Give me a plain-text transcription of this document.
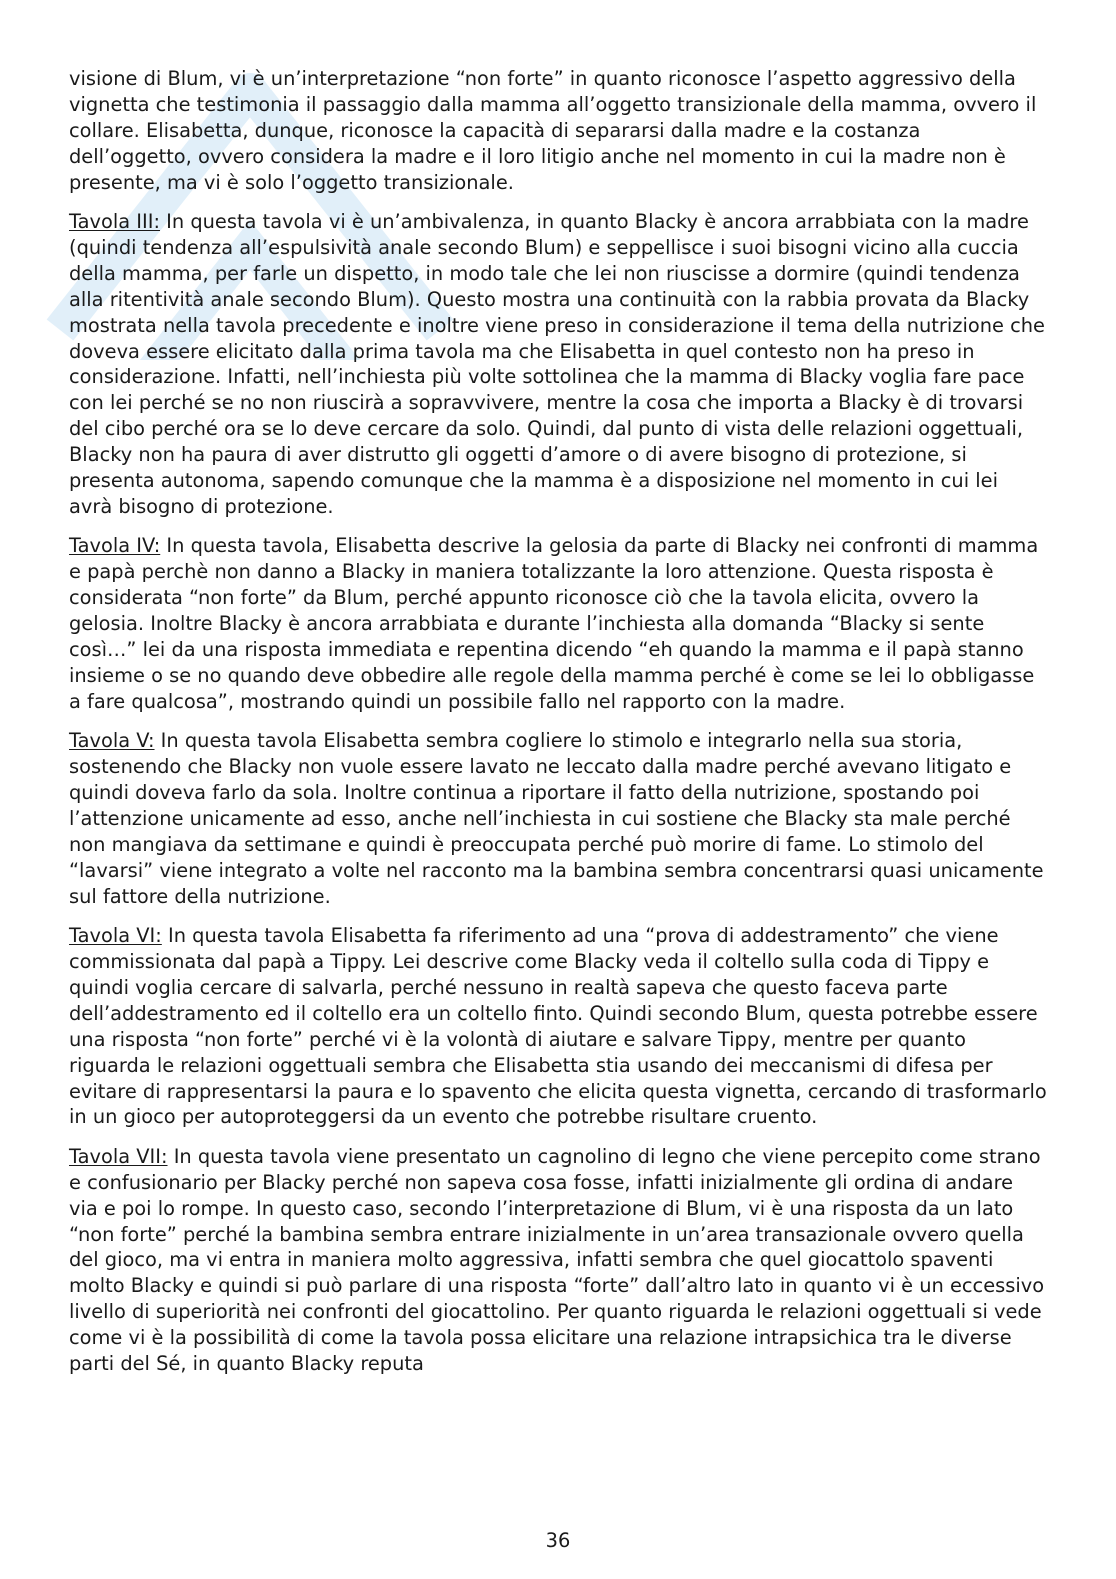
visione di Blum, vi è un’interpretazione “non forte” in quanto riconosce l’aspetto aggressivo della vignetta che testimonia il passaggio dalla mamma all’oggetto transizionale della mamma, ovvero il collare. Elisabetta, dunque, riconosce la capacità di separarsi dalla madre e la costanza dell’oggetto, ovvero considera la madre e il loro litigio anche nel momento in cui la madre non è presente, ma vi è solo l’oggetto transizionale.

Tavola III: In questa tavola vi è un’ambivalenza, in quanto Blacky è ancora arrabbiata con la madre (quindi tendenza all’espulsività anale secondo Blum) e seppellisce i suoi bisogni vicino alla cuccia della mamma, per farle un dispetto, in modo tale che lei non riuscisse a dormire (quindi tendenza alla ritentività anale secondo Blum). Questo mostra una continuità con la rabbia provata da Blacky mostrata nella tavola precedente e inoltre viene preso in considerazione il tema della nutrizione che doveva essere elicitato dalla prima tavola ma che Elisabetta in quel contesto non ha preso in considerazione. Infatti, nell’inchiesta più volte sottolinea che la mamma di Blacky voglia fare pace con lei perché se no non riuscirà a sopravvivere, mentre la cosa che importa a Blacky è di trovarsi del cibo perché ora se lo deve cercare da solo. Quindi, dal punto di vista delle relazioni oggettuali, Blacky non ha paura di aver distrutto gli oggetti d’amore o di avere bisogno di protezione, si presenta autonoma, sapendo comunque che la mamma è a disposizione nel momento in cui lei avrà bisogno di protezione.

Tavola IV: In questa tavola, Elisabetta descrive la gelosia da parte di Blacky nei confronti di mamma e papà perchè non danno a Blacky in maniera totalizzante la loro attenzione. Questa risposta è considerata “non forte” da Blum, perché appunto riconosce ciò che la tavola elicita, ovvero la gelosia. Inoltre Blacky è ancora arrabbiata e durante l’inchiesta alla domanda “Blacky si sente così…” lei da una risposta immediata e repentina dicendo “eh quando la mamma e il papà stanno insieme o se no quando deve obbedire alle regole della mamma perché è come se lei lo obbligasse a fare qualcosa”, mostrando quindi un possibile fallo nel rapporto con la madre.

Tavola V: In questa tavola Elisabetta sembra cogliere lo stimolo e integrarlo nella sua storia, sostenendo che Blacky non vuole essere lavato ne leccato dalla madre perché avevano litigato e quindi doveva farlo da sola. Inoltre continua a riportare il fatto della nutrizione, spostando poi l’attenzione unicamente ad esso, anche nell’inchiesta in cui sostiene che Blacky sta male perché non mangiava da settimane e quindi è preoccupata perché può morire di fame. Lo stimolo del “lavarsi” viene integrato a volte nel racconto ma la bambina sembra concentrarsi quasi unicamente sul fattore della nutrizione.

Tavola VI: In questa tavola Elisabetta fa riferimento ad una “prova di addestramento” che viene commissionata dal papà a Tippy. Lei descrive come Blacky veda il coltello sulla coda di Tippy e quindi voglia cercare di salvarla, perché nessuno in realtà sapeva che questo faceva parte dell’addestramento ed il coltello era un coltello finto. Quindi secondo Blum, questa potrebbe essere una risposta “non forte” perché vi è la volontà di aiutare e salvare Tippy, mentre per quanto riguarda le relazioni oggettuali sembra che Elisabetta stia usando dei meccanismi di difesa per evitare di rappresentarsi la paura e lo spavento che elicita questa vignetta, cercando di trasformarlo in un gioco per autoproteggersi da un evento che potrebbe risultare cruento.

Tavola VII: In questa tavola viene presentato un cagnolino di legno che viene percepito come strano e confusionario per Blacky perché non sapeva cosa fosse, infatti inizialmente gli ordina di andare via e poi lo rompe. In questo caso, secondo l’interpretazione di Blum, vi è una risposta da un lato “non forte” perché la bambina sembra entrare inizialmente in un’area transazionale ovvero quella del gioco, ma vi entra in maniera molto aggressiva, infatti sembra che quel giocattolo spaventi molto Blacky e quindi si può parlare di una risposta “forte” dall’altro lato in quanto vi è un eccessivo livello di superiorità nei confronti del giocattolino. Per quanto riguarda le relazioni oggettuali si vede come vi è la possibilità di come la tavola possa elicitare una relazione intrapsichica tra le diverse parti del Sé, in quanto Blacky reputa

36
